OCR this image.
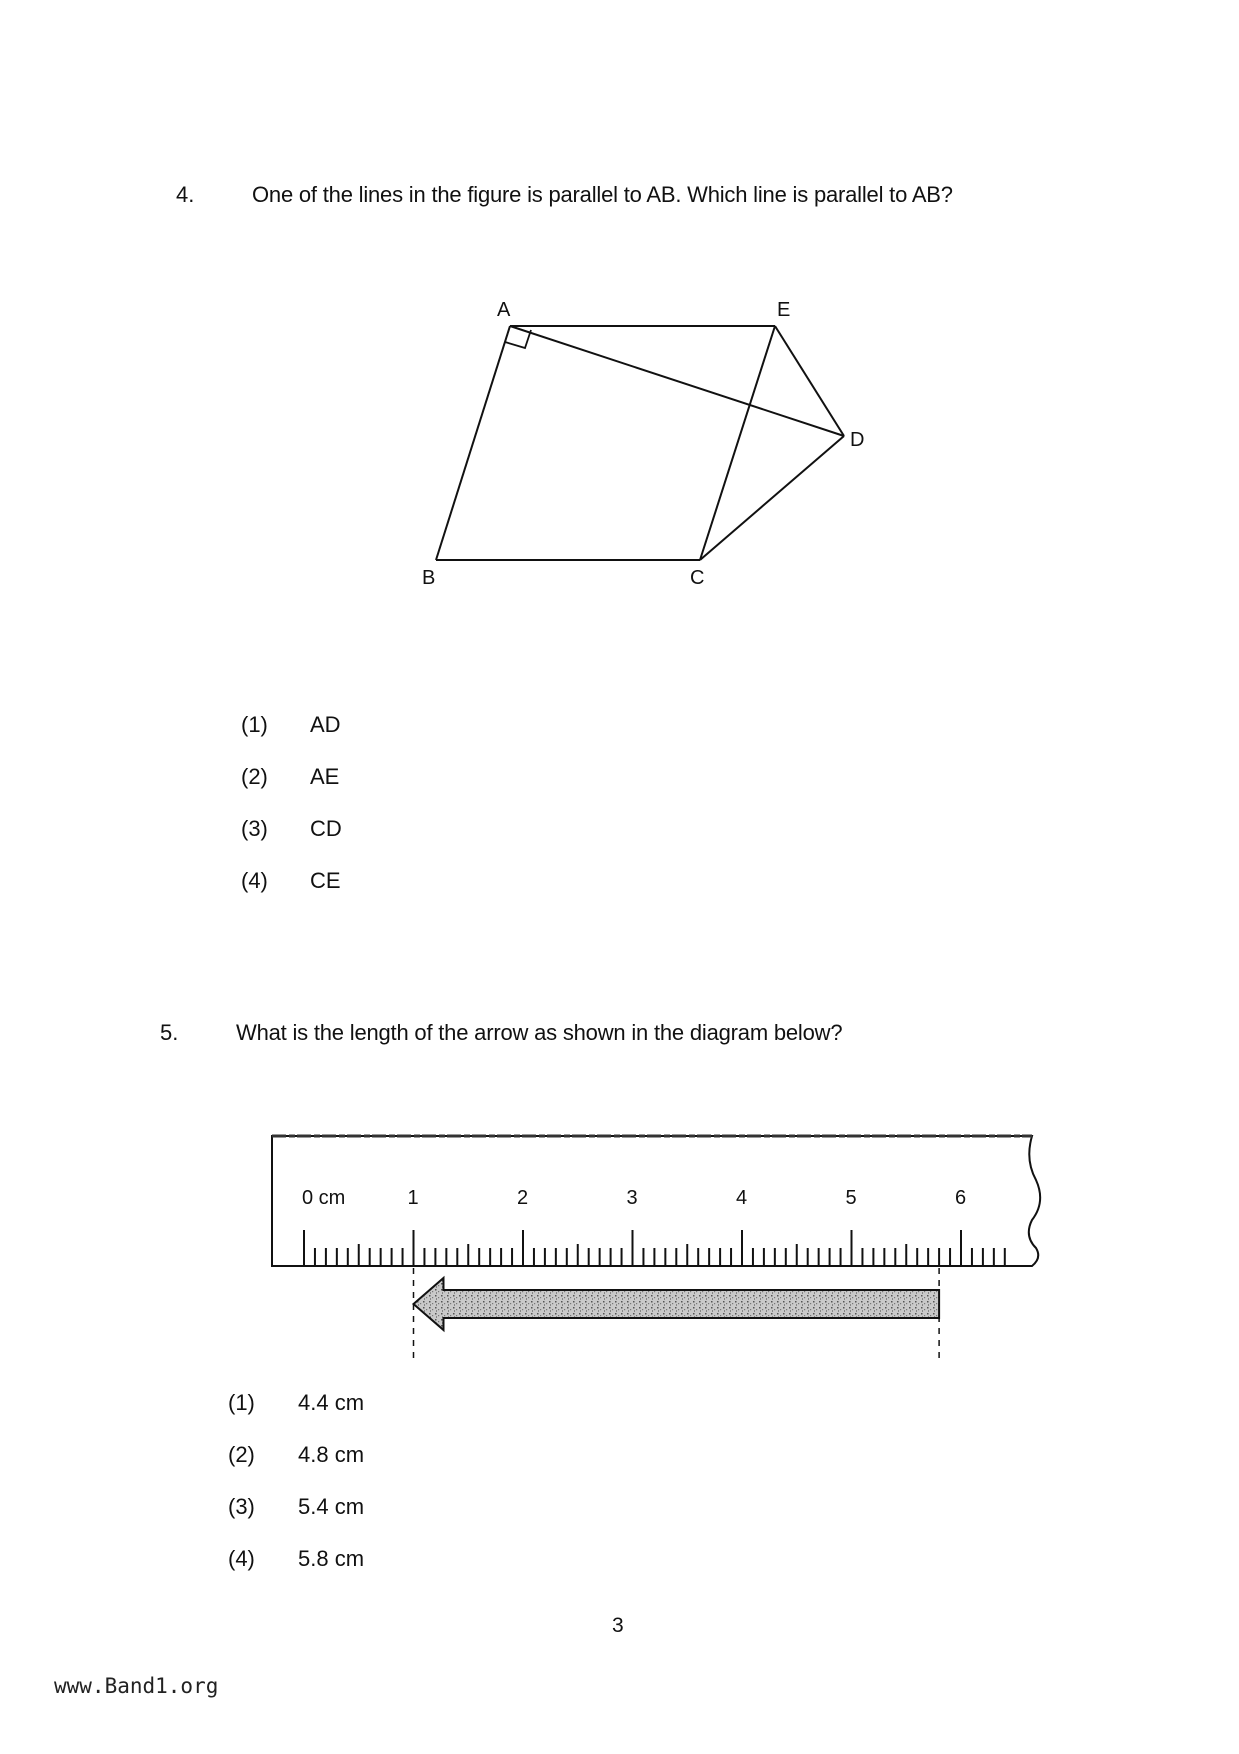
4.	One of the lines in the figure is parallel to AB. Which line is parallel to AB?
A	E
D
B	C
(1) AD
(2) AE
(3) CD
(4) CE
5.	What is the length of the arrow as shown in the diagram below?
0 cm	1	2	3	4	5	6
(1) 4.4 cm
(2) 4.8 cm
(3) 5.4 cm
(4) 5.8 cm
3
www.Band1.org
